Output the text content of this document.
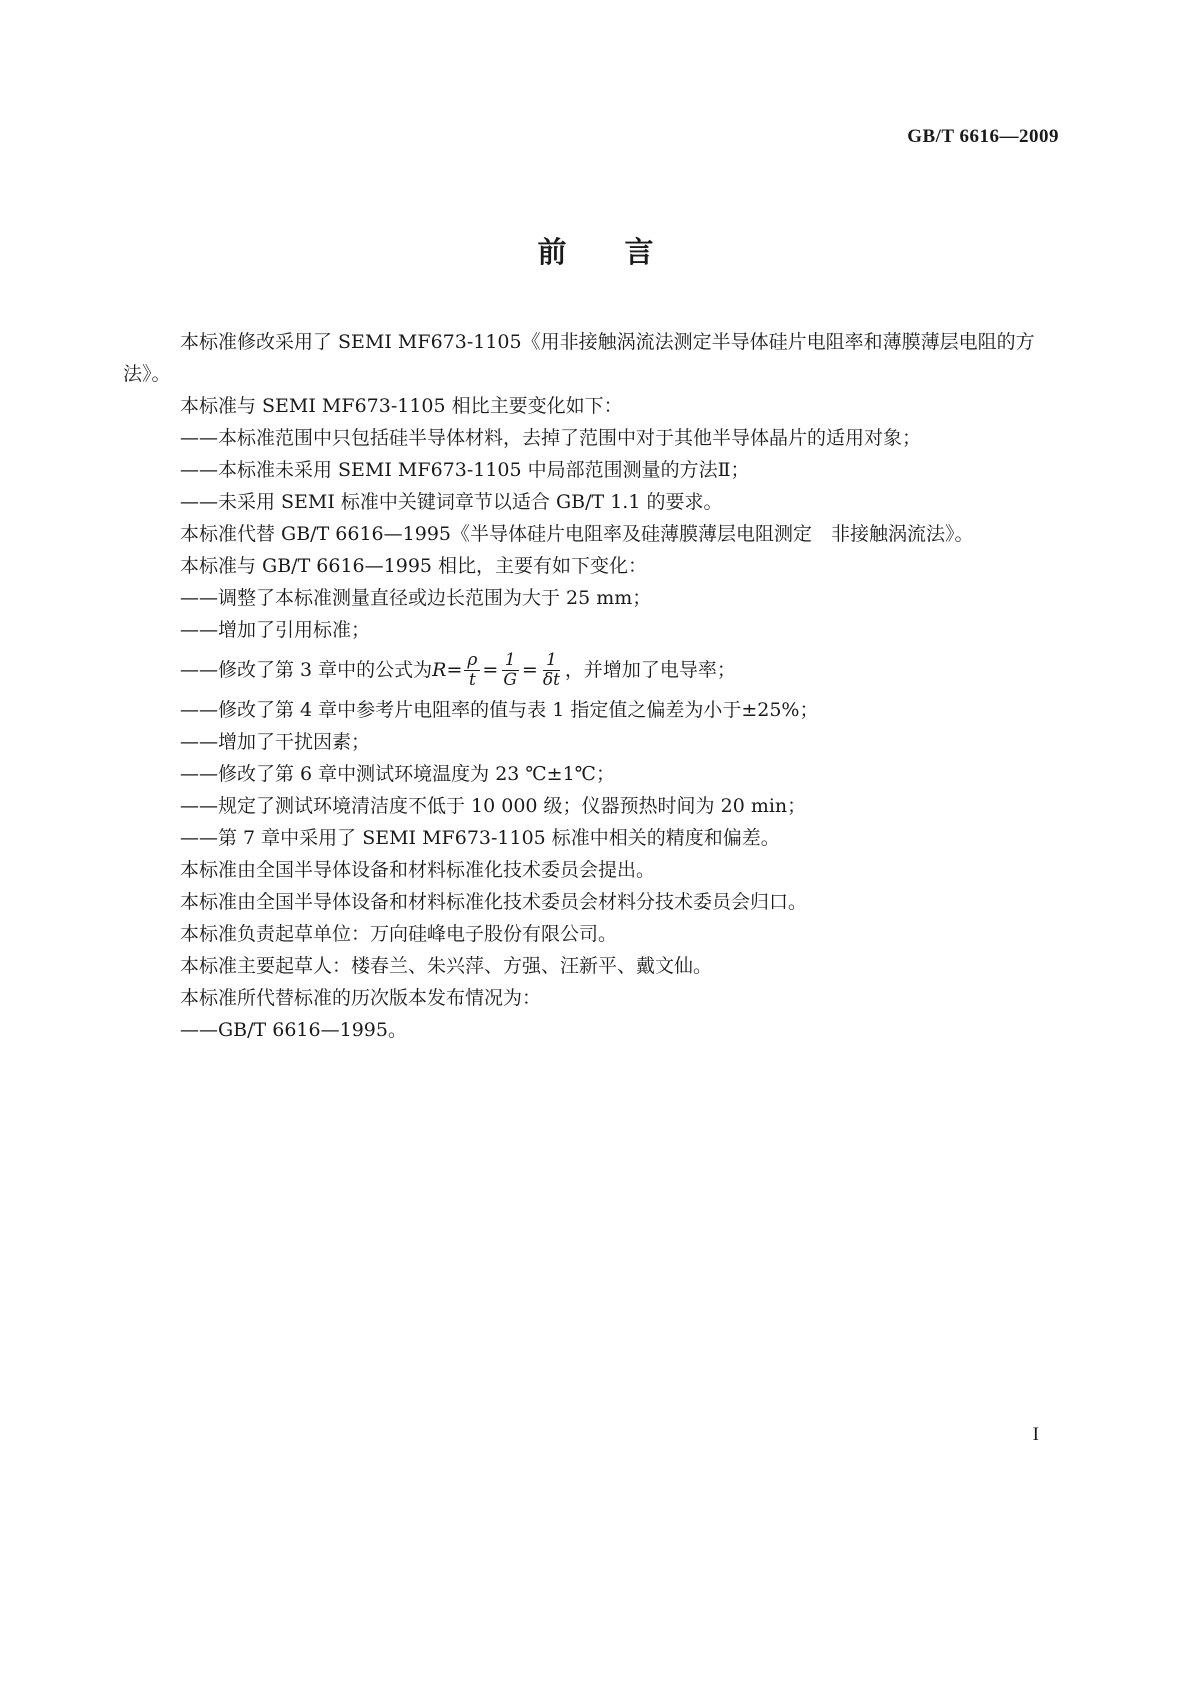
GB/T 6616—2009
前言

本标准修改采用了 SEMI MF673-1105《用非接触涡流法测定半导体硅片电阻率和薄膜薄层电阻的方法》。

本标准与 SEMI MF673-1105 相比主要变化如下：

——本标准范围中只包括硅半导体材料，去掉了范围中对于其他半导体晶片的适用对象；

——本标准未采用 SEMI MF673-1105 中局部范围测量的方法Ⅱ；

——未采用 SEMI 标准中关键词章节以适合 GB/T 1.1 的要求。

本标准代替 GB/T 6616—1995《半导体硅片电阻率及硅薄膜薄层电阻测定　非接触涡流法》。

本标准与 GB/T 6616—1995 相比，主要有如下变化：

——调整了本标准测量直径或边长范围为大于 25 mm；

——增加了引用标准；

——修改了第 3 章中的公式为 $R = \frac{\rho}{t} = \frac{1}{G} = \frac{1}{\delta t}$ ，并增加了电导率；

——修改了第 4 章中参考片电阻率的值与表 1 指定值之偏差为小于±25%；

——增加了干扰因素；

——修改了第 6 章中测试环境温度为 23 ℃±1℃；

——规定了测试环境清洁度不低于 10 000 级；仪器预热时间为 20 min；

——第 7 章中采用了 SEMI MF673-1105 标准中相关的精度和偏差。

本标准由全国半导体设备和材料标准化技术委员会提出。

本标准由全国半导体设备和材料标准化技术委员会材料分技术委员会归口。

本标准负责起草单位：万向硅峰电子股份有限公司。

本标准主要起草人：楼春兰、朱兴萍、方强、汪新平、戴文仙。

本标准所代替标准的历次版本发布情况为：

——GB/T 6616—1995。

I
